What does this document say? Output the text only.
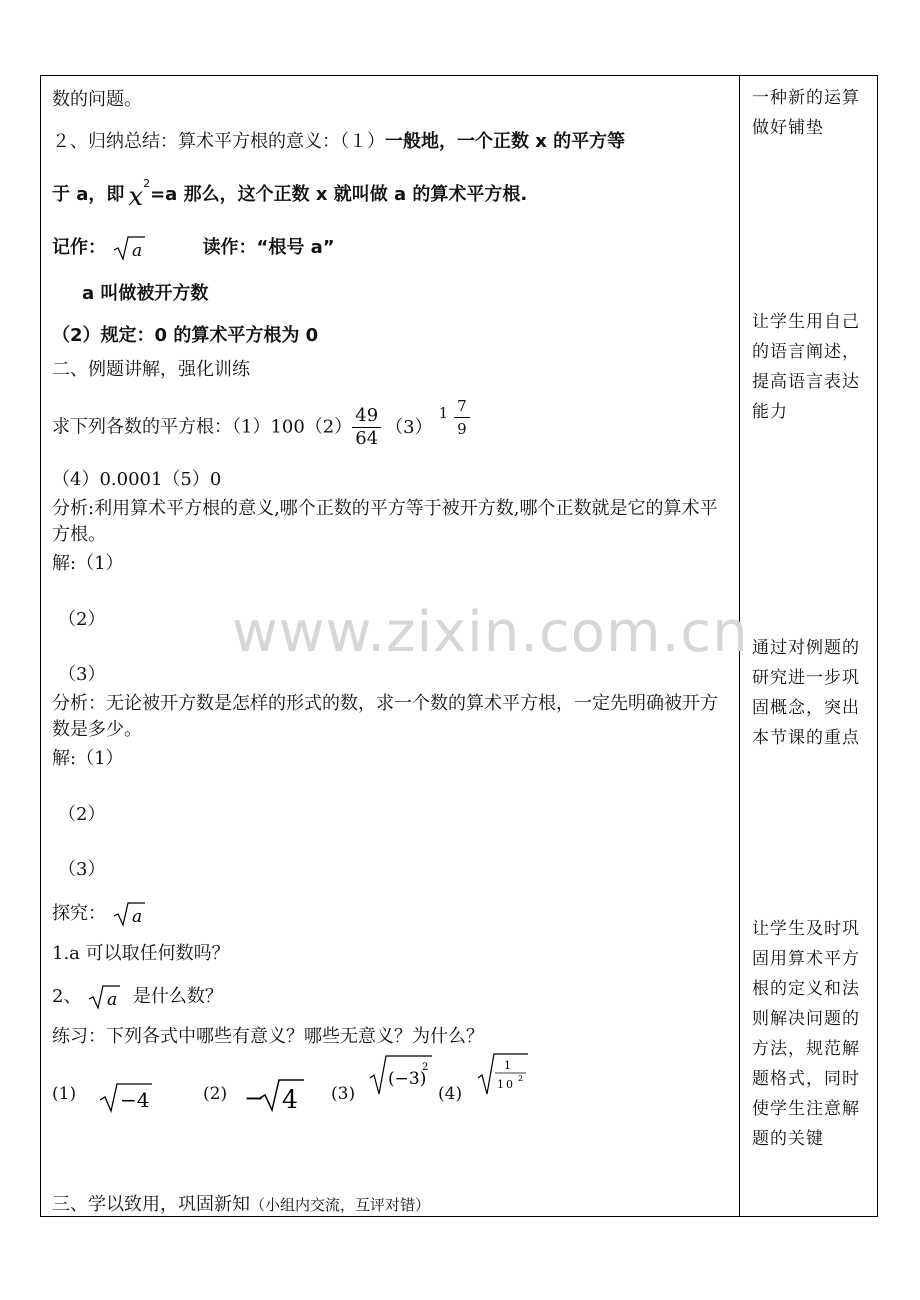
www.zixin.com.cn
数的问题。
２、归纳总结：算术平方根的意义：（１）一般地，一个正数 x 的平方等
于 a，即 $x^2=a$ 那么，这个正数 x 就叫做 a 的算术平方根.
记作： a	读作：“根号 a”
a 叫做被开方数
（2）规定：0 的算术平方根为 0
二、例题讲解，强化训练
求下列各数的平方根：$(1)100(2) \frac{49}{64} (3)^1 \frac{7}{9}$
（4）0.0001（5）0
分析:利用算术平方根的意义,哪个正数的平方等于被开方数,哪个正数就是它的算术平方根。
解:（1）
（2）
（3）
分析：无论被开方数是怎样的形式的数，求一个数的算术平方根，一定先明确被开方数是多少。
解:（1）
（2）
（3）
探究： a
1.a 可以取任何数吗？
2、 a 是什么数？
练习：下列各式中哪些有意义？哪些无意义？为什么？
(1) −4	(2) − 4 (3)
(−3)
2
(4)
1
10 2
三、学以致用，巩固新知（小组内交流，互评对错）
一种新的运算做好铺垫
让学生用自己的语言阐述，提高语言表达能力
通过对例题的研究进一步巩固概念，突出本节课的重点
让学生及时巩固用算术平方根的定义和法则解决问题的方法，规范解题格式，同时使学生注意解题的关键
